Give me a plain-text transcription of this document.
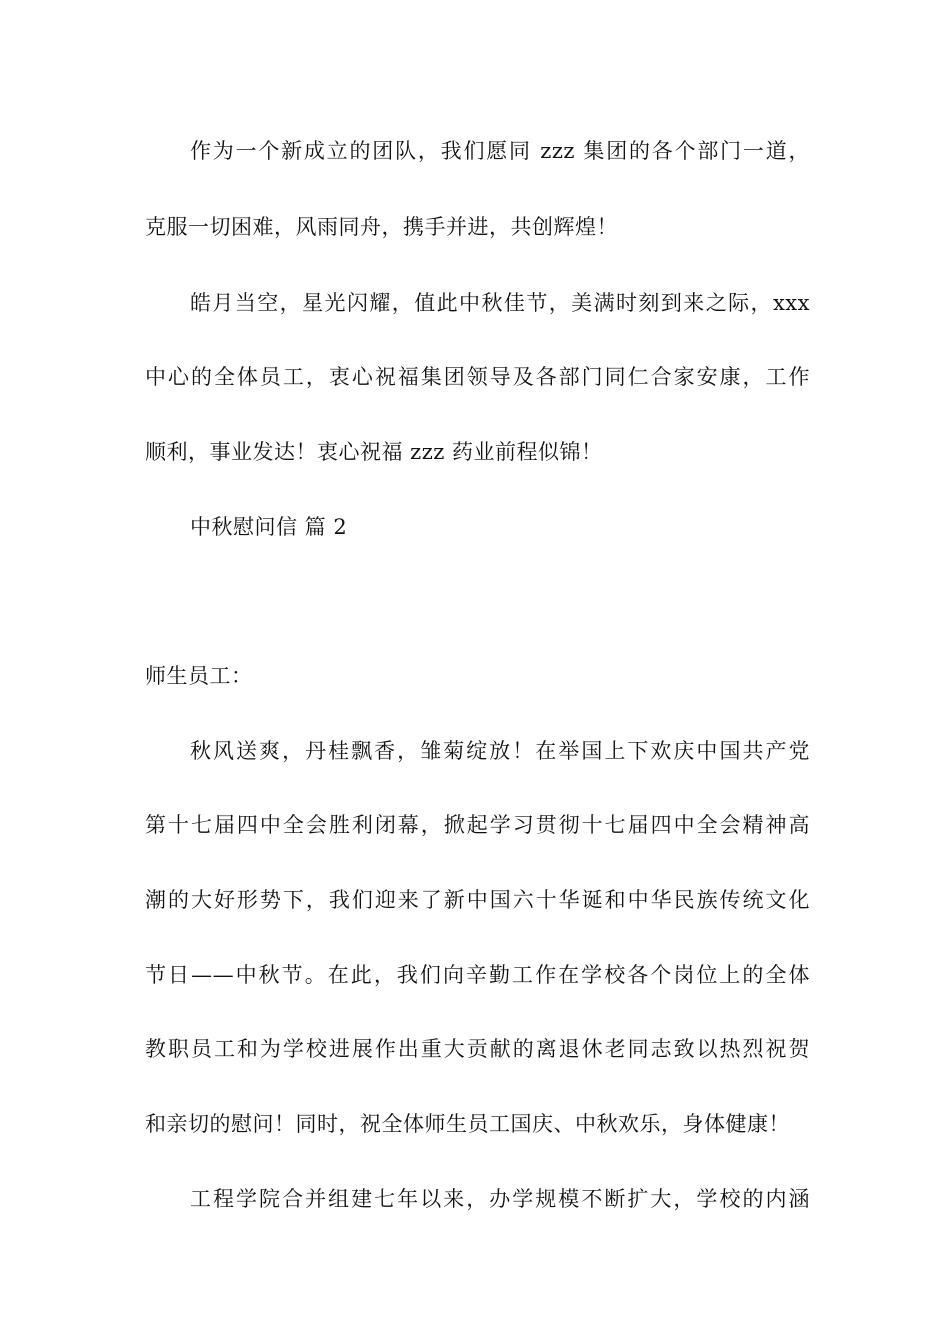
作为一个新成立的团队，我们愿同 zzz 集团的各个部门一道，
克服一切困难，风雨同舟，携手并进，共创辉煌！
皓月当空，星光闪耀，值此中秋佳节，美满时刻到来之际，xxx
中心的全体员工，衷心祝福集团领导及各部门同仁合家安康，工作
顺利，事业发达！衷心祝福 zzz 药业前程似锦！
中秋慰问信 篇 2
师生员工：
秋风送爽，丹桂飘香，雏菊绽放！在举国上下欢庆中国共产党
第十七届四中全会胜利闭幕，掀起学习贯彻十七届四中全会精神高
潮的大好形势下，我们迎来了新中国六十华诞和中华民族传统文化
节日——中秋节。在此，我们向辛勤工作在学校各个岗位上的全体
教职员工和为学校进展作出重大贡献的离退休老同志致以热烈祝贺
和亲切的慰问！同时，祝全体师生员工国庆、中秋欢乐，身体健康！
工程学院合并组建七年以来，办学规模不断扩大，学校的内涵
